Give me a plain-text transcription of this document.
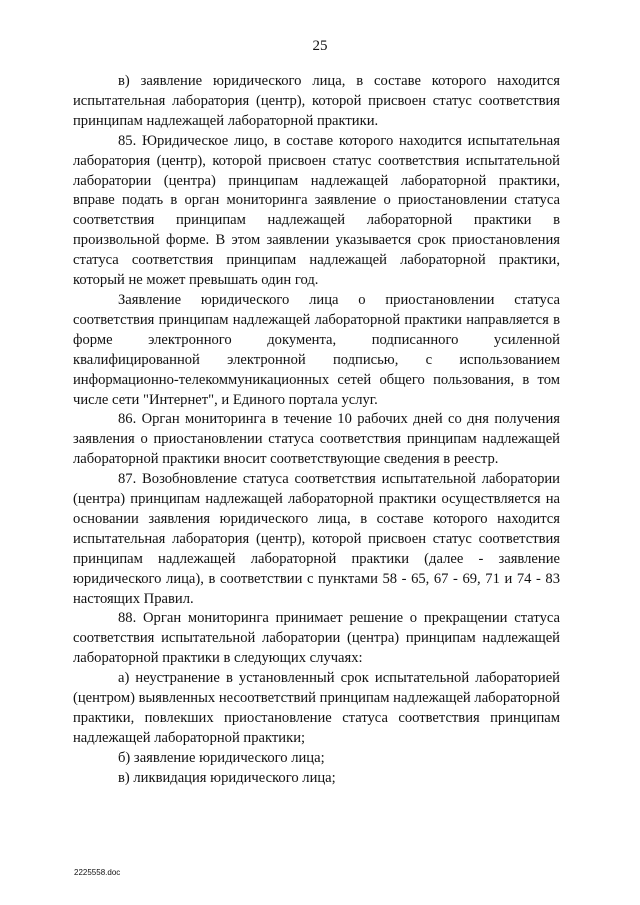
25

в) заявление юридического лица, в составе которого находится испытательная лаборатория (центр), которой присвоен статус соответствия принципам надлежащей лабораторной практики.

85. Юридическое лицо, в составе которого находится испытательная лаборатория (центр), которой присвоен статус соответствия испытательной лаборатории (центра) принципам надлежащей лабораторной практики, вправе подать в орган мониторинга заявление о приостановлении статуса соответствия принципам надлежащей лабораторной практики в произвольной форме. В этом заявлении указывается срок приостановления статуса соответствия принципам надлежащей лабораторной практики, который не может превышать один год.

Заявление юридического лица о приостановлении статуса соответствия принципам надлежащей лабораторной практики направляется в форме электронного документа, подписанного усиленной квалифицированной электронной подписью, с использованием информационно-телекоммуникационных сетей общего пользования, в том числе сети "Интернет", и Единого портала услуг.

86. Орган мониторинга в течение 10 рабочих дней со дня получения заявления о приостановлении статуса соответствия принципам надлежащей лабораторной практики вносит соответствующие сведения в реестр.

87. Возобновление статуса соответствия испытательной лаборатории (центра) принципам надлежащей лабораторной практики осуществляется на основании заявления юридического лица, в составе которого находится испытательная лаборатория (центр), которой присвоен статус соответствия принципам надлежащей лабораторной практики (далее - заявление юридического лица), в соответствии с пунктами 58 - 65, 67 - 69, 71 и 74 - 83 настоящих Правил.

88. Орган мониторинга принимает решение о прекращении статуса соответствия испытательной лаборатории (центра) принципам надлежащей лабораторной практики в следующих случаях:

а) неустранение в установленный срок испытательной лабораторией (центром) выявленных несоответствий принципам надлежащей лабораторной практики, повлекших приостановление статуса соответствия принципам надлежащей лабораторной практики;

б) заявление юридического лица;

в) ликвидация юридического лица;

2225558.doc
